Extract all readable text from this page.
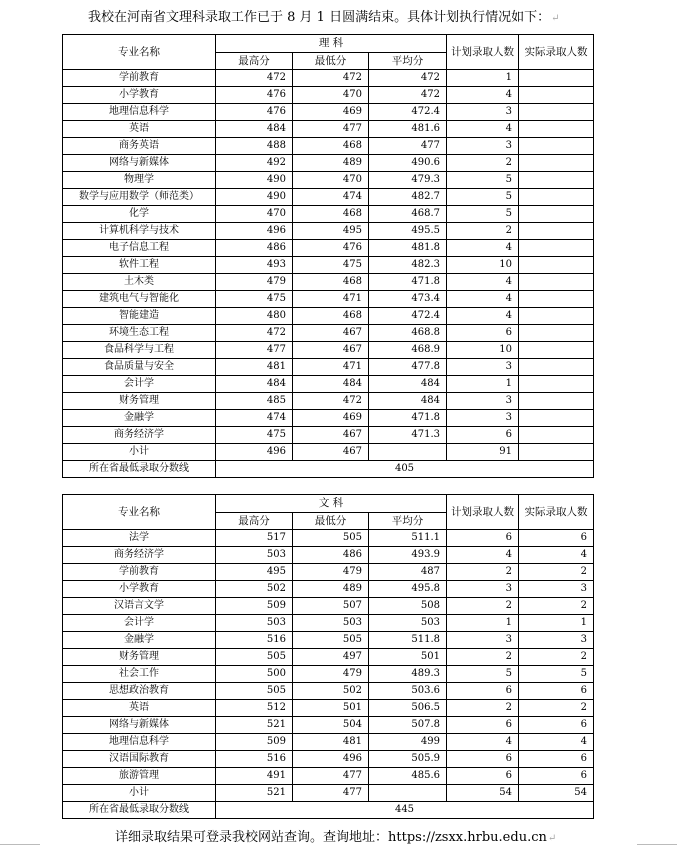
我校在河南省文理科录取工作已于 8 月 1 日圆满结束。具体计划执行情况如下：↵
专业名称	理 科			计划录取人数	实际录取人数
	最高分	最低分	平均分		
学前教育	472	472	472	1	
小学教育	476	470	472	4	
地理信息科学	476	469	472.4	3	
英语	484	477	481.6	4	
商务英语	488	468	477	3	
网络与新媒体	492	489	490.6	2	
物理学	490	470	479.3	5	
数学与应用数学（师范类）	490	474	482.7	5	
化学	470	468	468.7	5	
计算机科学与技术	496	495	495.5	2	
电子信息工程	486	476	481.8	4	
软件工程	493	475	482.3	10	
土木类	479	468	471.8	4	
建筑电气与智能化	475	471	473.4	4	
智能建造	480	468	472.4	4	
环境生态工程	472	467	468.8	6	
食品科学与工程	477	467	468.9	10	
食品质量与安全	481	471	477.8	3	
会计学	484	484	484	1	
财务管理	485	472	484	3	
金融学	474	469	471.8	3	
商务经济学	475	467	471.3	6	
小计	496	467		91	
所在省最低录取分数线	405				
专业名称	文 科			计划录取人数	实际录取人数
	最高分	最低分	平均分		
法学	517	505	511.1	6	6
商务经济学	503	486	493.9	4	4
学前教育	495	479	487	2	2
小学教育	502	489	495.8	3	3
汉语言文学	509	507	508	2	2
会计学	503	503	503	1	1
金融学	516	505	511.8	3	3
财务管理	505	497	501	2	2
社会工作	500	479	489.3	5	5
思想政治教育	505	502	503.6	6	6
英语	512	501	506.5	2	2
网络与新媒体	521	504	507.8	6	6
地理信息科学	509	481	499	4	4
汉语国际教育	516	496	505.9	6	6
旅游管理	491	477	485.6	6	6
小计	521	477		54	54
所在省最低录取分数线	445				
详细录取结果可登录我校网站查询。查询地址：https://zsxx.hrbu.edu.cn↵
